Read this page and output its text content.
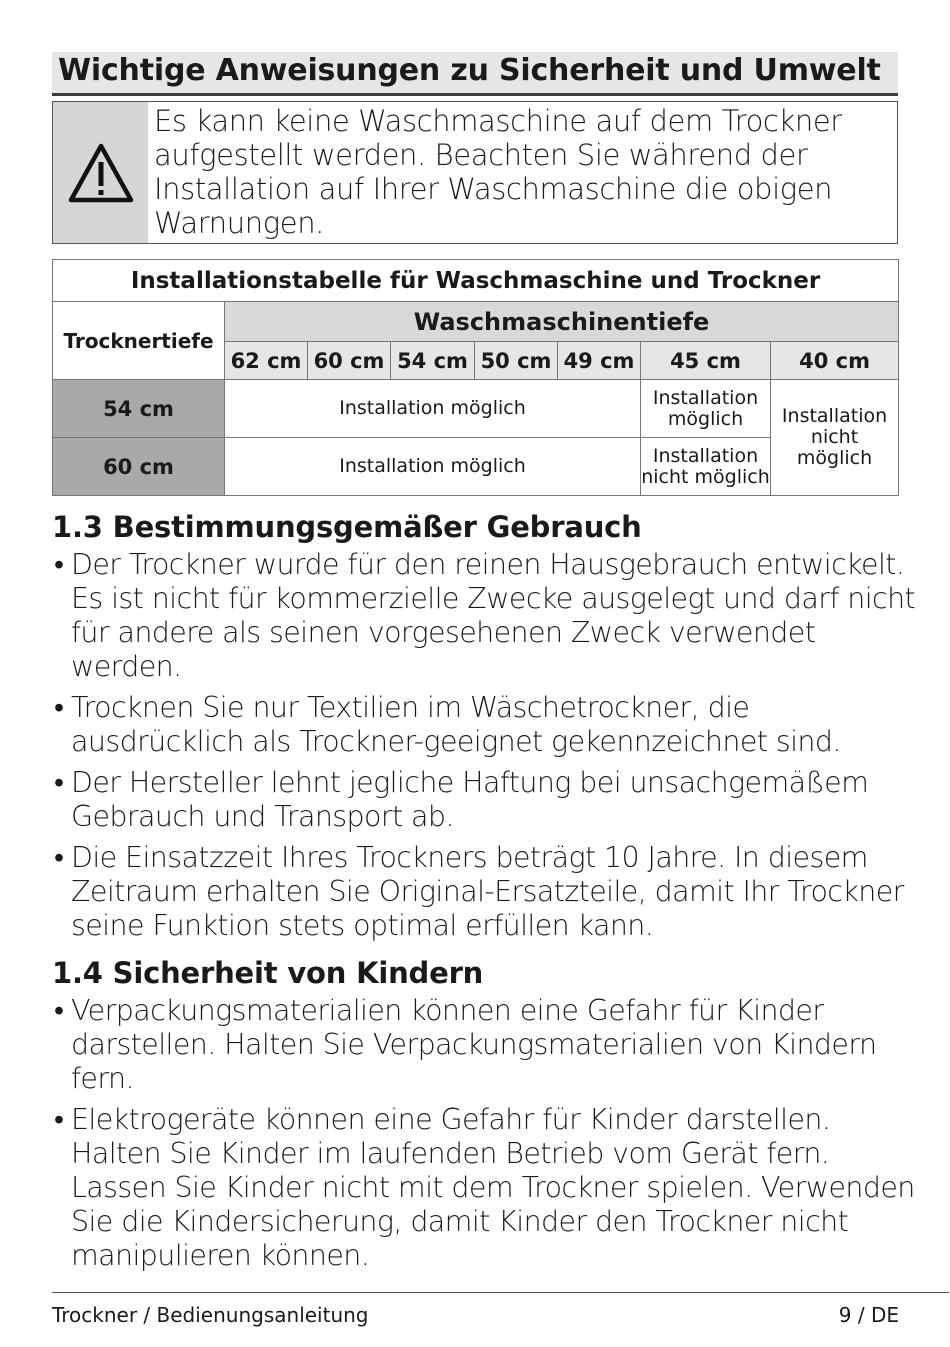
Wichtige Anweisungen zu Sicherheit und Umwelt
Es kann keine Waschmaschine auf dem Trockner aufgestellt werden. Beachten Sie während der Installation auf Ihrer Waschmaschine die obigen Warnungen.
Installationstabelle für Waschmaschine und Trockner							
Trocknertiefe	Waschmaschinentiefe						
	62 cm	60 cm	54 cm	50 cm	49 cm	45 cm	40 cm
54 cm	Installation möglich					Installation möglich	Installation nicht möglich
60 cm	Installation möglich					Installation nicht möglich	
1.3 Bestimmungsgemäßer Gebrauch
• Der Trockner wurde für den reinen Hausgebrauch entwickelt. Es ist nicht für kommerzielle Zwecke ausgelegt und darf nicht für andere als seinen vorgesehenen Zweck verwendet werden.
• Trocknen Sie nur Textilien im Wäschetrockner, die ausdrücklich als Trockner-geeignet gekennzeichnet sind.
• Der Hersteller lehnt jegliche Haftung bei unsachgemäßem Gebrauch und Transport ab.
• Die Einsatzzeit Ihres Trockners beträgt 10 Jahre. In diesem Zeitraum erhalten Sie Original-Ersatzteile, damit Ihr Trockner seine Funktion stets optimal erfüllen kann.
1.4 Sicherheit von Kindern
• Verpackungsmaterialien können eine Gefahr für Kinder darstellen. Halten Sie Verpackungsmaterialien von Kindern fern.
• Elektrogeräte können eine Gefahr für Kinder darstellen. Halten Sie Kinder im laufenden Betrieb vom Gerät fern. Lassen Sie Kinder nicht mit dem Trockner spielen. Verwenden Sie die Kindersicherung, damit Kinder den Trockner nicht manipulieren können.
Trockner / Bedienungsanleitung	9 / DE
